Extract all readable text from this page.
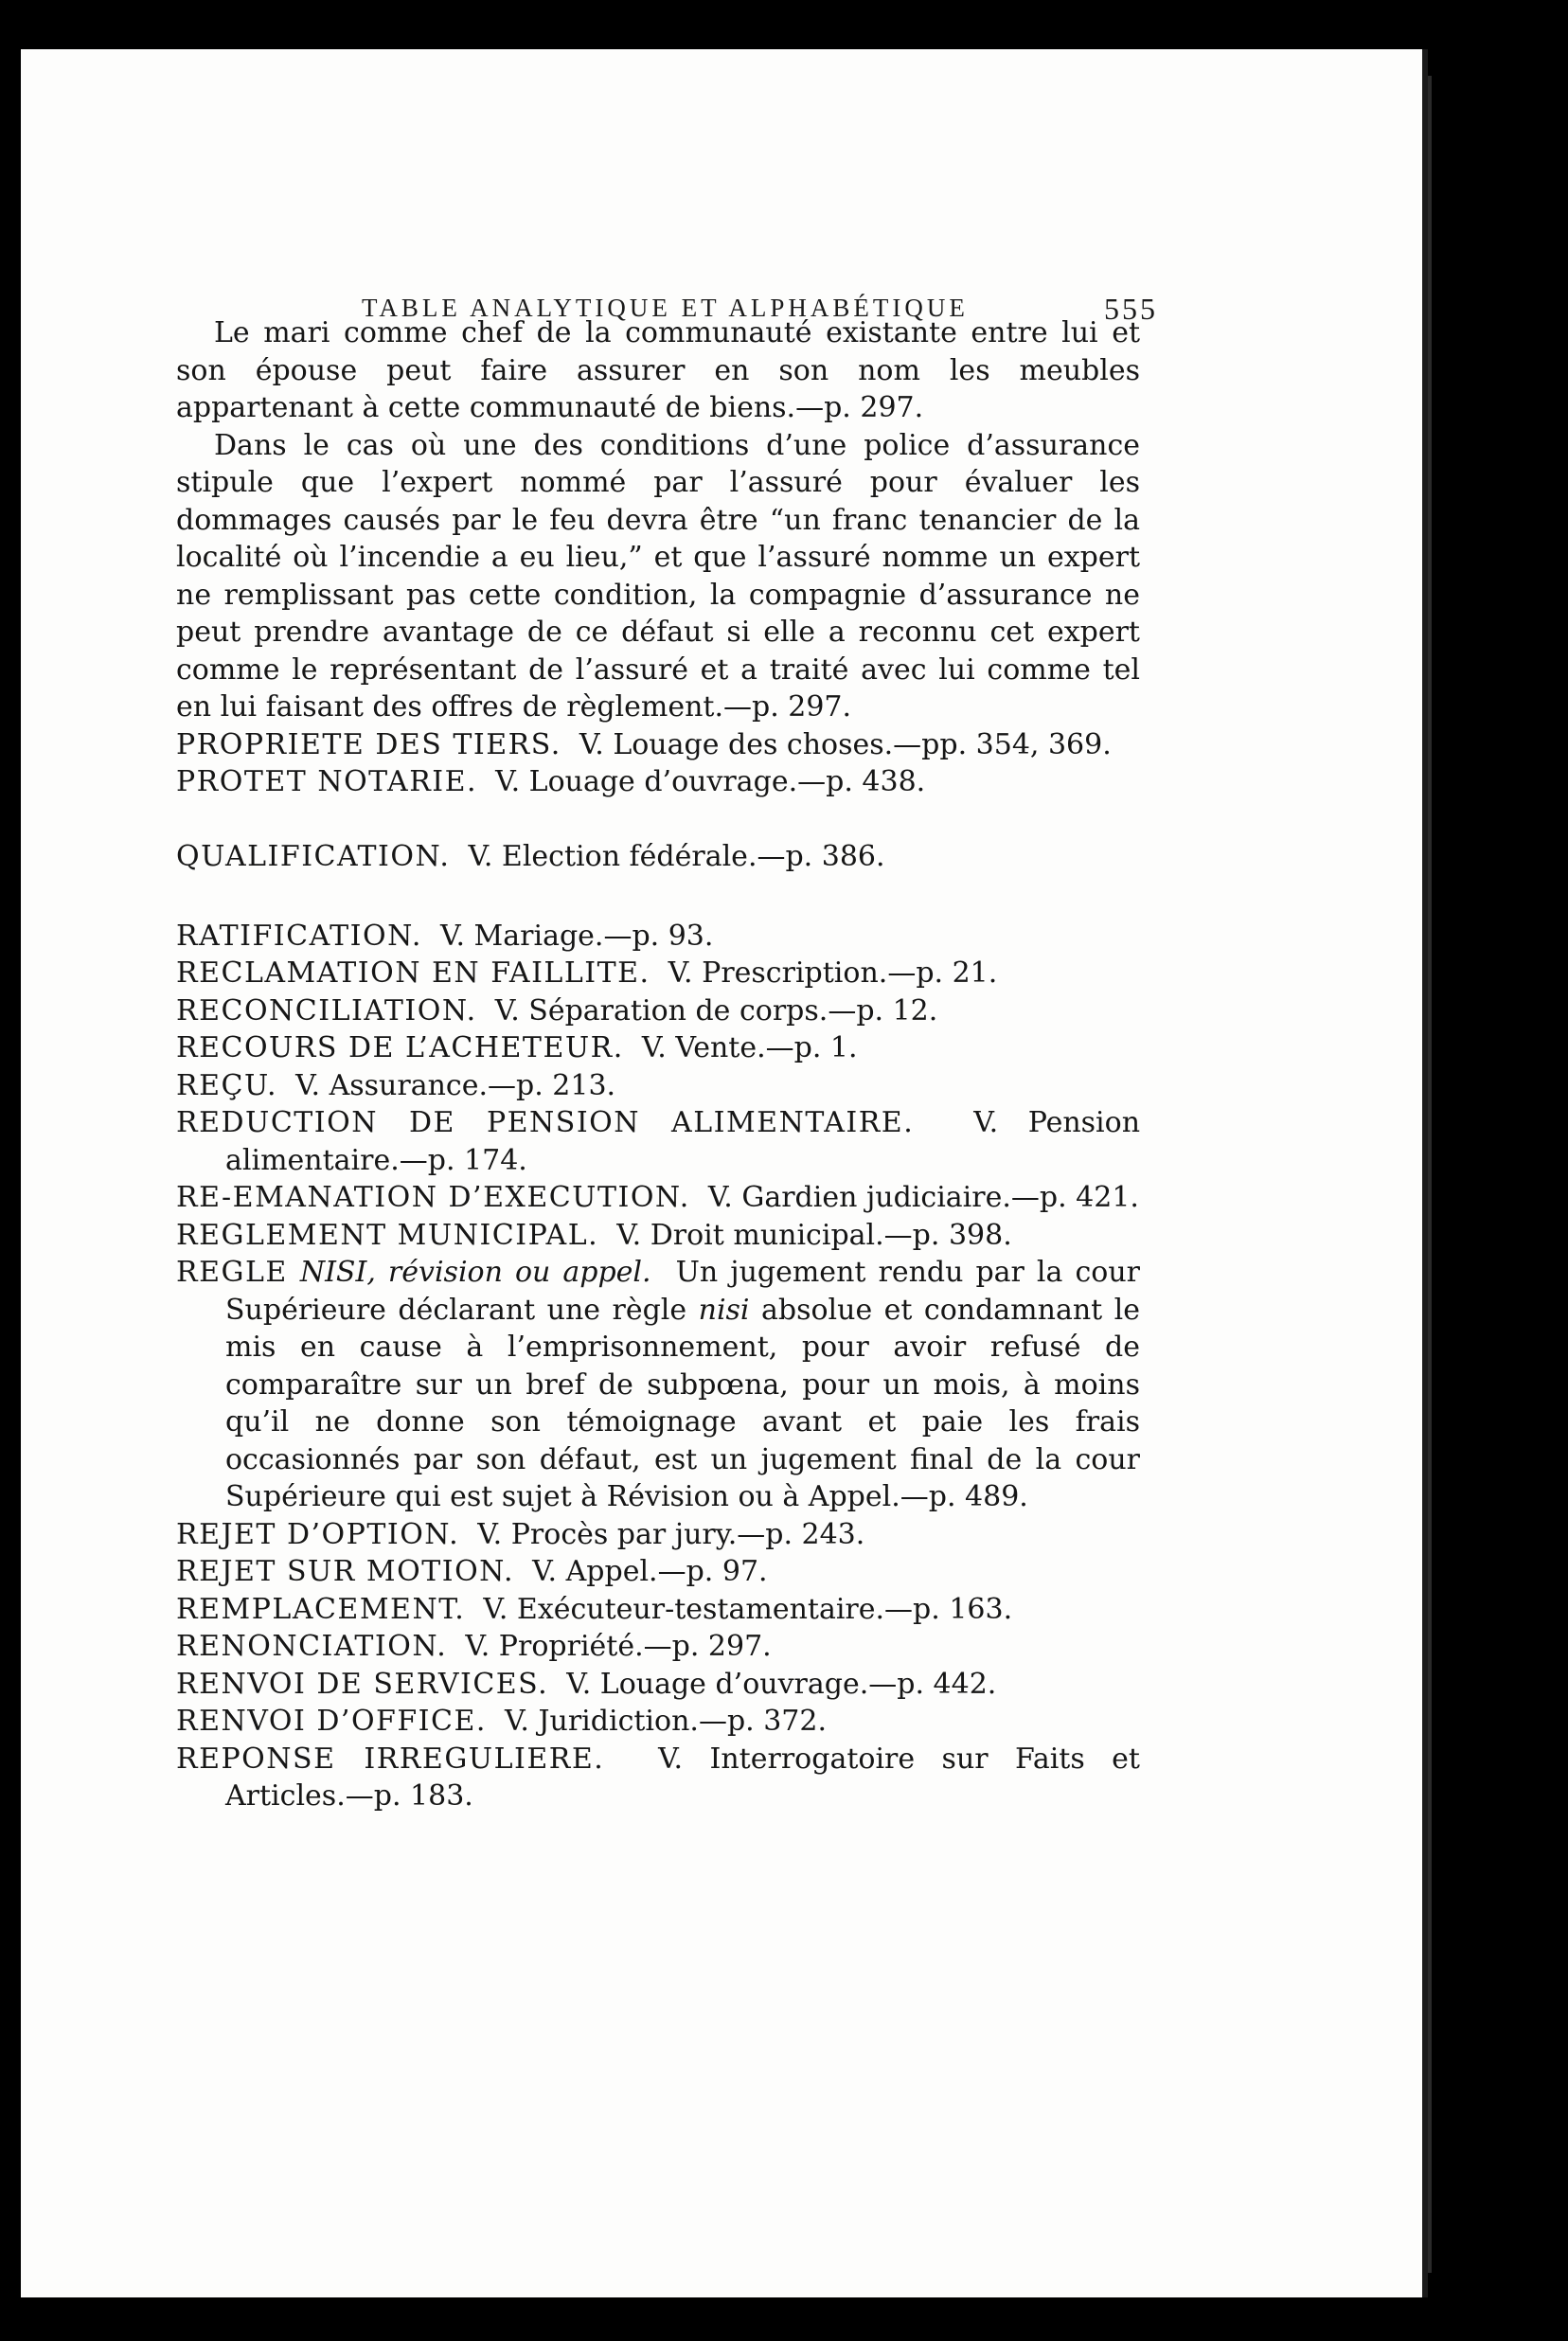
TABLE ANALYTIQUE ET ALPHABÉTIQUE	555

Le mari comme chef de la communauté existante entre lui et son épouse peut faire assurer en son nom les meubles appartenant à cette communauté de biens.—p. 297.

Dans le cas où une des conditions d’une police d’assurance stipule que l’expert nommé par l’assuré pour évaluer les dommages causés par le feu devra être “un franc tenancier de la localité où l’incendie a eu lieu,” et que l’assuré nomme un expert ne remplissant pas cette condition, la compagnie d’assurance ne peut prendre avantage de ce défaut si elle a reconnu cet expert comme le représentant de l’assuré et a traité avec lui comme tel en lui faisant des offres de règlement.—p. 297.

PROPRIETE DES TIERS. V. Louage des choses.—pp. 354, 369.

PROTET NOTARIE. V. Louage d’ouvrage.—p. 438.

QUALIFICATION. V. Election fédérale.—p. 386.

RATIFICATION. V. Mariage.—p. 93.

RECLAMATION EN FAILLITE. V. Prescription.—p. 21.

RECONCILIATION. V. Séparation de corps.—p. 12.

RECOURS DE L’ACHETEUR. V. Vente.—p. 1.

REÇU. V. Assurance.—p. 213.

REDUCTION DE PENSION ALIMENTAIRE. V. Pension alimentaire.—p. 174.

RE-EMANATION D’EXECUTION. V. Gardien judiciaire.—p. 421.

REGLEMENT MUNICIPAL. V. Droit municipal.—p. 398.

REGLE NISI, révision ou appel. Un jugement rendu par la cour Supérieure déclarant une règle nisi absolue et condamnant le mis en cause à l’emprisonnement, pour avoir refusé de comparaître sur un bref de subpœna, pour un mois, à moins qu’il ne donne son témoignage avant et paie les frais occasionnés par son défaut, est un jugement final de la cour Supérieure qui est sujet à Révision ou à Appel.—p. 489.

REJET D’OPTION. V. Procès par jury.—p. 243.

REJET SUR MOTION. V. Appel.—p. 97.

REMPLACEMENT. V. Exécuteur-testamentaire.—p. 163.

RENONCIATION. V. Propriété.—p. 297.

RENVOI DE SERVICES. V. Louage d’ouvrage.—p. 442.

RENVOI D’OFFICE. V. Juridiction.—p. 372.

REPONSE IRREGULIERE. V. Interrogatoire sur Faits et Articles.—p. 183.
